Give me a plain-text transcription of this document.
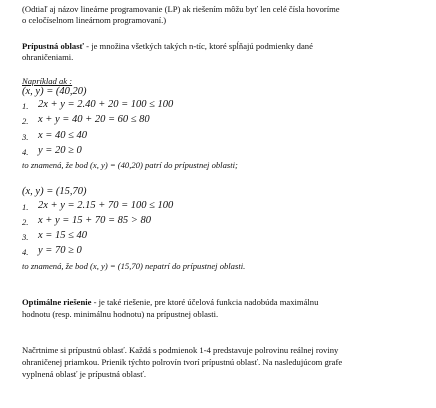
(Odtiaľ aj názov lineárne programovanie (LP) ak riešením môžu byť len celé čísla hovoríme

o celočíselnom lineárnom programovaní.)

Prípustná oblasť - je množina všetkých takých n-tíc, ktoré spĺňajú podmienky dané

ohraničeniami.

Napríklad ak :

(x, y) = (40,20)

1. 2x + y = 2.40 + 20 = 100 ≤ 100
2. x + y = 40 + 20 = 60 ≤ 80
3. x = 40 ≤ 40
4. y = 20 ≥ 0

to znamená, že bod (x, y) = (40,20) patrí do prípustnej oblasti;

(x, y) = (15,70)

1. 2x + y = 2.15 + 70 = 100 ≤ 100
2. x + y = 15 + 70 = 85 > 80
3. x = 15 ≤ 40
4. y = 70 ≥ 0

to znamená, že bod (x, y) = (15,70) nepatrí do prípustnej oblasti.

Optimálne riešenie - je také riešenie, pre ktoré účelová funkcia nadobúda maximálnu

hodnotu (resp. minimálnu hodnotu) na prípustnej oblasti.

Načrtnime si prípustnú oblasť. Každá s podmienok 1-4 predstavuje polrovinu reálnej roviny

ohraničenej priamkou. Prienik týchto polrovín tvorí prípustnú oblasť. Na nasledujúcom grafe

vyplnená oblasť je prípustná oblasť.
